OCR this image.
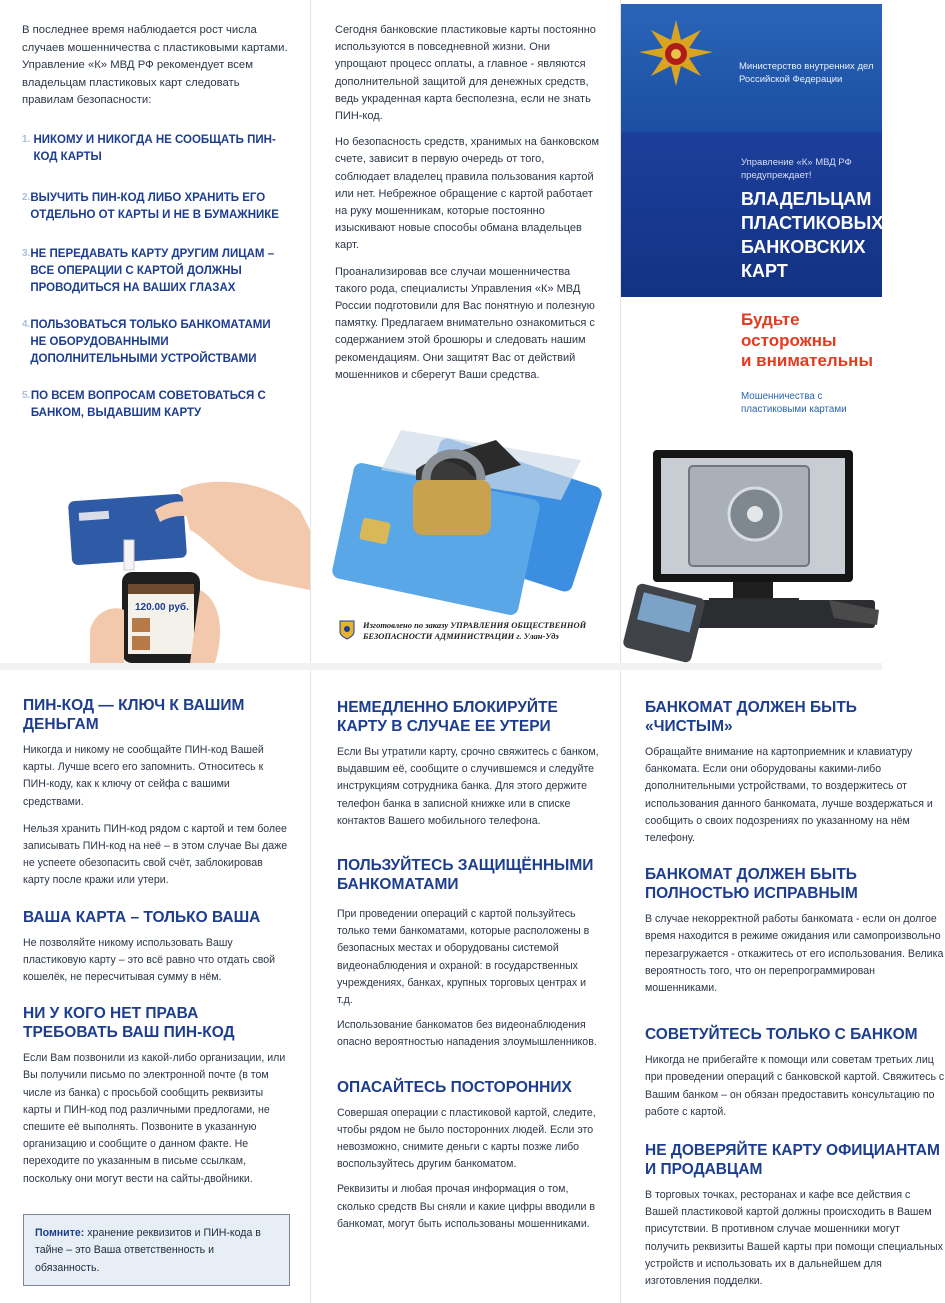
В последнее время наблюдается рост числа случаев мошенничества с пластиковыми картами. Управление «К» МВД РФ рекомендует всем владельцам пластиковых карт следовать правилам безопасности:

1. НИКОМУ И НИКОГДА НЕ СООБЩАТЬ ПИН-КОД КАРТЫ
2. ВЫУЧИТЬ ПИН-КОД ЛИБО ХРАНИТЬ ЕГО ОТДЕЛЬНО ОТ КАРТЫ И НЕ В БУМАЖНИКЕ
3. НЕ ПЕРЕДАВАТЬ КАРТУ ДРУГИМ ЛИЦАМ – ВСЕ ОПЕРАЦИИ С КАРТОЙ ДОЛЖНЫ ПРОВОДИТЬСЯ НА ВАШИХ ГЛАЗАХ
4. ПОЛЬЗОВАТЬСЯ ТОЛЬКО БАНКОМАТАМИ НЕ ОБОРУДОВАННЫМИ ДОПОЛНИТЕЛЬНЫМИ УСТРОЙСТВАМИ
5. ПО ВСЕМ ВОПРОСАМ СОВЕТОВАТЬСЯ С БАНКОМ, ВЫДАВШИМ КАРТУ
120.00 руб.

Сегодня банковские пластиковые карты постоянно используются в повседневной жизни. Они упрощают процесс оплаты, а главное - являются дополнительной защитой для денежных средств, ведь украденная карта бесполезна, если не знать ПИН-код.

Но безопасность средств, хранимых на банковском счете, зависит в первую очередь от того, соблюдает владелец правила пользования картой или нет. Небрежное обращение с картой работает на руку мошенникам, которые постоянно изыскивают новые способы обмана владельцев карт.

Проанализировав все случаи мошенничества такого рода, специалисты Управления «К» МВД России подготовили для Вас понятную и полезную памятку. Предлагаем внимательно ознакомиться с содержанием этой брошюры и следовать нашим рекомендациям. Они защитят Вас от действий мошенников и сберегут Ваши средства.

Изготовлено по заказу УПРАВЛЕНИЯ ОБЩЕСТВЕННОЙ БЕЗОПАСНОСТИ АДМИНИСТРАЦИИ г. Улан-Удэ
Министерство внутренних дел Российской Федерации
Управление «К» МВД РФ предупреждает!
ВЛАДЕЛЬЦАМ
ПЛАСТИКОВЫХ
БАНКОВСКИХ
КАРТ
Будьте
осторожны
и внимательны
Мошенничества с пластиковыми картами
ПИН-КОД — КЛЮЧ К ВАШИМ ДЕНЬГАМ

Никогда и никому не сообщайте ПИН-код Вашей карты. Лучше всего его запомнить. Относитесь к ПИН-коду, как к ключу от сейфа с вашими средствами.

Нельзя хранить ПИН-код рядом с картой и тем более записывать ПИН-код на неё – в этом случае Вы даже не успеете обезопасить свой счёт, заблокировав карту после кражи или утери.

ВАША КАРТА – ТОЛЬКО ВАША

Не позволяйте никому использовать Вашу пластиковую карту – это всё равно что отдать свой кошелёк, не пересчитывая сумму в нём.

НИ У КОГО НЕТ ПРАВА ТРЕБОВАТЬ ВАШ ПИН-КОД

Если Вам позвонили из какой-либо организации, или Вы получили письмо по электронной почте (в том числе из банка) с просьбой сообщить реквизиты карты и ПИН-код под различными предлогами, не спешите её выполнять. Позвоните в указанную организацию и сообщите о данном факте. Не переходите по указанным в письме ссылкам, поскольку они могут вести на сайты-двойники.

Помните: хранение реквизитов и ПИН-кода в тайне – это Ваша ответственность и обязанность.
НЕМЕДЛЕННО БЛОКИРУЙТЕ КАРТУ В СЛУЧАЕ ЕЕ УТЕРИ

Если Вы утратили карту, срочно свяжитесь с банком, выдавшим её, сообщите о случившемся и следуйте инструкциям сотрудника банка. Для этого держите телефон банка в записной книжке или в списке контактов Вашего мобильного телефона.

ПОЛЬЗУЙТЕСЬ ЗАЩИЩЁННЫМИ БАНКОМАТАМИ

При проведении операций с картой пользуйтесь только теми банкоматами, которые расположены в безопасных местах и оборудованы системой видеонаблюдения и охраной: в государственных учреждениях, банках, крупных торговых центрах и т.д.

Использование банкоматов без видеонаблюдения опасно вероятностью нападения злоумышленников.

ОПАСАЙТЕСЬ ПОСТОРОННИХ

Совершая операции с пластиковой картой, следите, чтобы рядом не было посторонних людей. Если это невозможно, снимите деньги с карты позже либо воспользуйтесь другим банкоматом.

Реквизиты и любая прочая информация о том, сколько средств Вы сняли и какие цифры вводили в банкомат, могут быть использованы мошенниками.

БАНКОМАТ ДОЛЖЕН БЫТЬ «ЧИСТЫМ»

Обращайте внимание на картоприемник и клавиатуру банкомата. Если они оборудованы какими-либо дополнительными устройствами, то воздержитесь от использования данного банкомата, лучше воздержаться и сообщить о своих подозрениях по указанному на нём телефону.

БАНКОМАТ ДОЛЖЕН БЫТЬ ПОЛНОСТЬЮ ИСПРАВНЫМ

В случае некорректной работы банкомата - если он долгое время находится в режиме ожидания или самопроизвольно перезагружается - откажитесь от его использования. Велика вероятность того, что он перепрограммирован мошенниками.

СОВЕТУЙТЕСЬ ТОЛЬКО С БАНКОМ

Никогда не прибегайте к помощи или советам третьих лиц при проведении операций с банковской картой. Свяжитесь с Вашим банком – он обязан предоставить консультацию по работе с картой.

НЕ ДОВЕРЯЙТЕ КАРТУ ОФИЦИАНТАМ И ПРОДАВЦАМ

В торговых точках, ресторанах и кафе все действия с Вашей пластиковой картой должны происходить в Вашем присутствии. В противном случае мошенники могут получить реквизиты Вашей карты при помощи специальных устройств и использовать их в дальнейшем для изготовления подделки.
